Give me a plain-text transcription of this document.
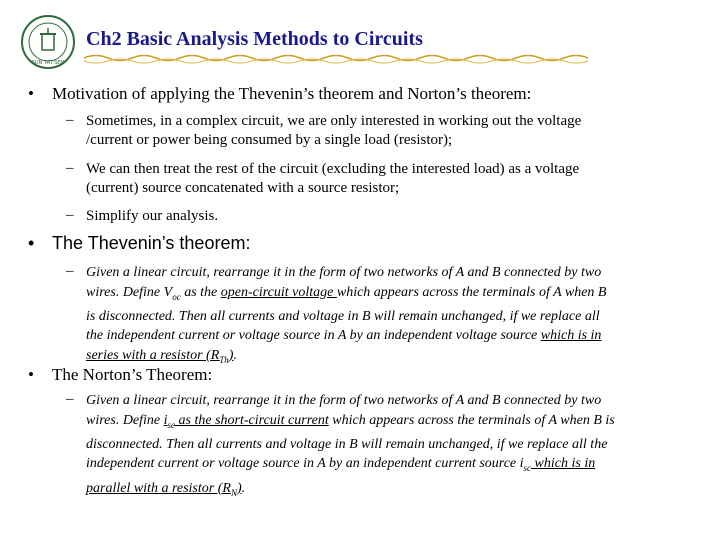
SUN YAT-SEN
Ch2 Basic Analysis Methods to Circuits
• Motivation of applying the Thevenin’s theorem and Norton’s theorem:
– Sometimes, in a complex circuit, we are only interested in working out the voltage
/current or power being consumed by a single load (resistor);
– We can then treat the rest of the circuit (excluding the interested load) as a voltage
(current) source concatenated with a source resistor;
– Simplify our analysis.
• The Thevenin’s theorem:
– Given a linear circuit, rearrange it in the form of two networks of A and B connected by two
wires. Define $V_{oc}$ as the open-circuit voltage which appears across the terminals of A when B
is disconnected. Then all currents and voltage in B will remain unchanged, if we replace all
the independent current or voltage source in A by an independent voltage source which is in
series with a resistor $(R_{Th})$.
• The Norton’s Theorem:
– Given a linear circuit, rearrange it in the form of two networks of A and B connected by two
wires. Define $i_{sc}$ as the short-circuit current which appears across the terminals of A when B is
disconnected. Then all currents and voltage in B will remain unchanged, if we replace all the
independent current or voltage source in A by an independent current source $i_{sc}$ which is in
parallel with a resistor $(R_N)$.
